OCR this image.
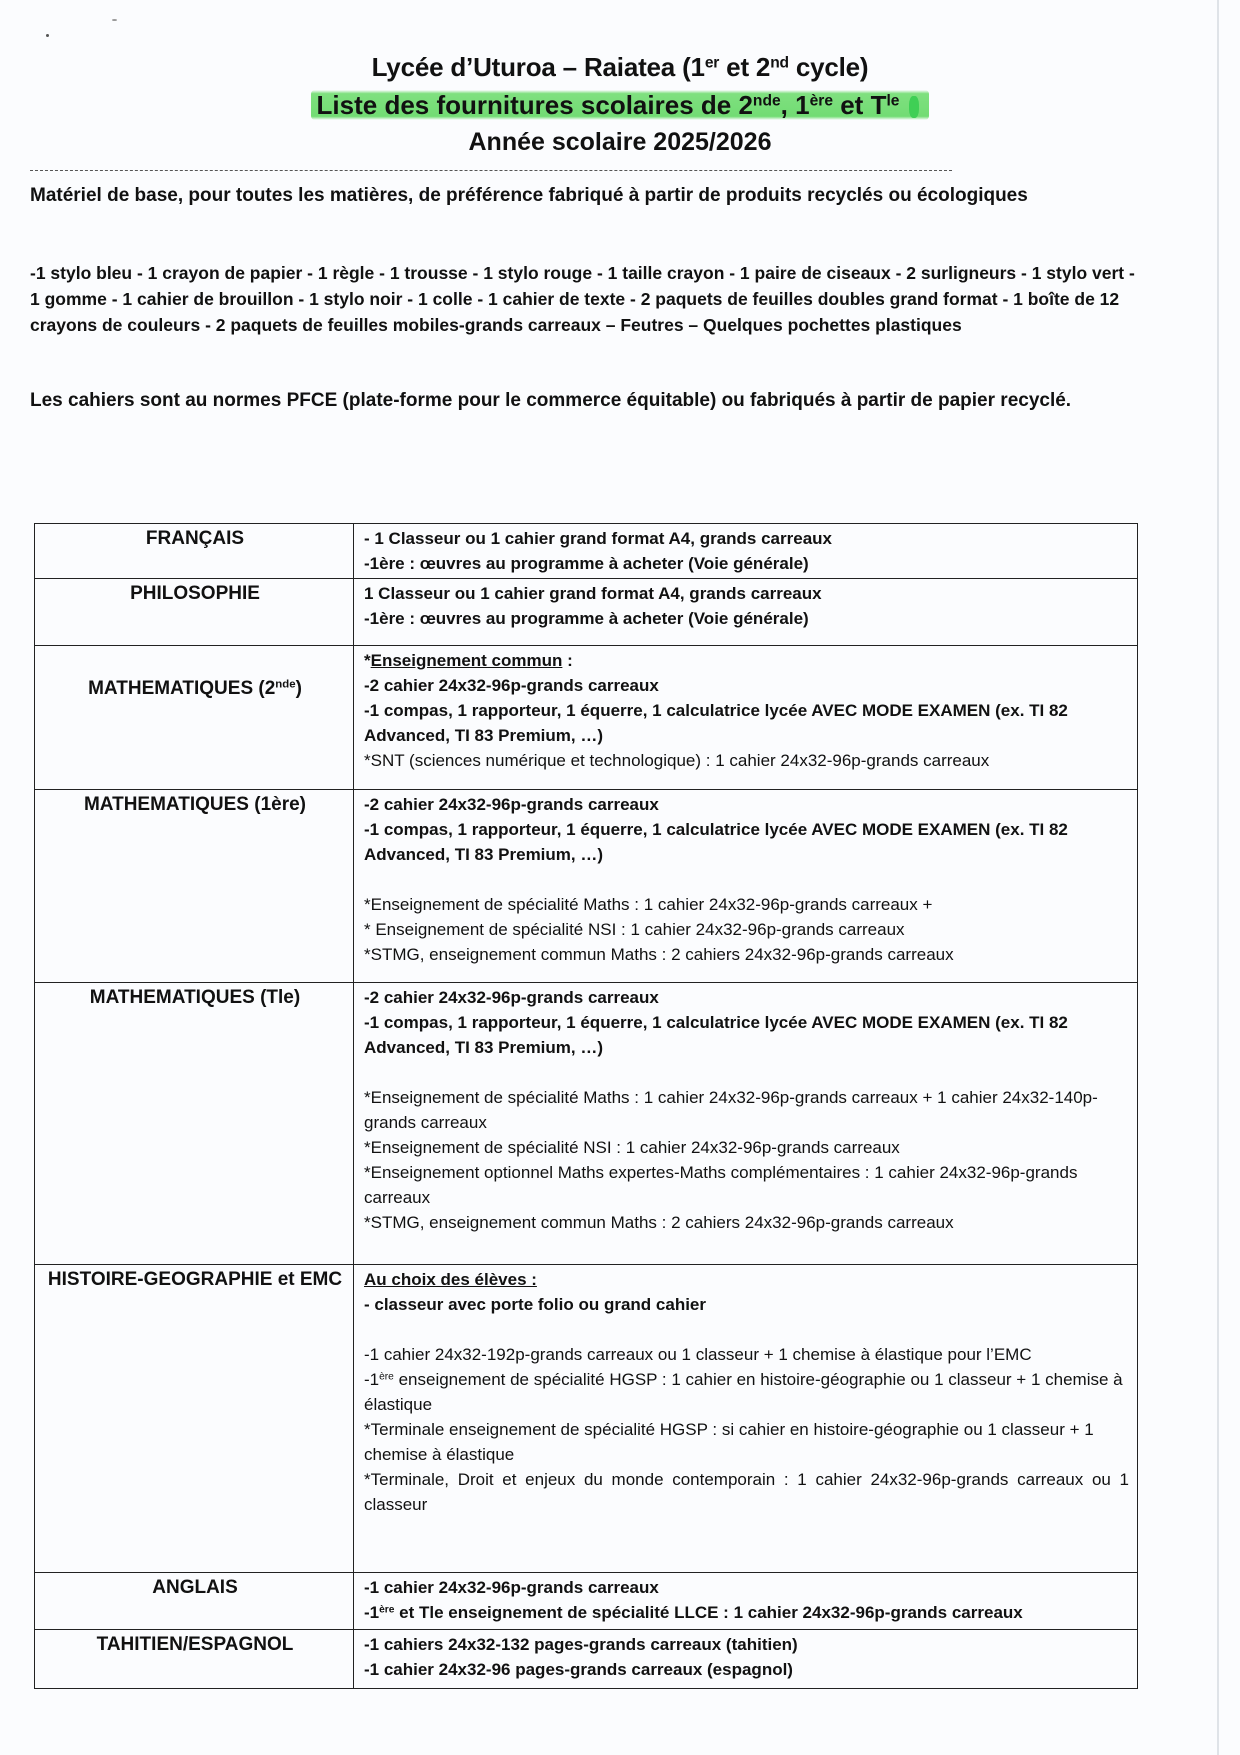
Lycée d’Uturoa – Raiatea (1er et 2nd cycle)
Liste des fournitures scolaires de 2nde, 1ère et $T^{le}$
Année scolaire 2025/2026
Matériel de base, pour toutes les matières, de préférence fabriqué à partir de produits recyclés ou écologiques
-1 stylo bleu - 1 crayon de papier - 1 règle - 1 trousse - 1 stylo rouge - 1 taille crayon - 1 paire de ciseaux - 2 surligneurs - 1 stylo vert - 1 gomme - 1 cahier de brouillon - 1 stylo noir - 1 colle - 1 cahier de texte - 2 paquets de feuilles doubles grand format - 1 boîte de 12 crayons de couleurs - 2 paquets de feuilles mobiles-grands carreaux – Feutres – Quelques pochettes plastiques
Les cahiers sont au normes PFCE (plate-forme pour le commerce équitable) ou fabriqués à partir de papier recyclé.
FRANÇAIS	- 1 Classeur ou 1 cahier grand format A4, grands carreaux
-1ère : œuvres au programme à acheter (Voie générale)

PHILOSOPHIE	1 Classeur ou 1 cahier grand format A4, grands carreaux
-1ère : œuvres au programme à acheter (Voie générale)

MATHEMATIQUES (2nde)	*Enseignement commun :
-2 cahier 24x32-96p-grands carreaux
-1 compas, 1 rapporteur, 1 équerre, 1 calculatrice lycée AVEC MODE EXAMEN (ex. TI 82 Advanced, TI 83 Premium, …)
*SNT (sciences numérique et technologique) : 1 cahier 24x32-96p-grands carreaux

MATHEMATIQUES (1ère)	-2 cahier 24x32-96p-grands carreaux
-1 compas, 1 rapporteur, 1 équerre, 1 calculatrice lycée AVEC MODE EXAMEN (ex. TI 82 Advanced, TI 83 Premium, …)
*Enseignement de spécialité Maths : 1 cahier 24x32-96p-grands carreaux +
* Enseignement de spécialité NSI : 1 cahier 24x32-96p-grands carreaux
*STMG, enseignement commun Maths : 2 cahiers 24x32-96p-grands carreaux

MATHEMATIQUES (Tle)	-2 cahier 24x32-96p-grands carreaux
-1 compas, 1 rapporteur, 1 équerre, 1 calculatrice lycée AVEC MODE EXAMEN (ex. TI 82 Advanced, TI 83 Premium, …)
*Enseignement de spécialité Maths : 1 cahier 24x32-96p-grands carreaux + 1 cahier 24x32-140p-grands carreaux
*Enseignement de spécialité NSI : 1 cahier 24x32-96p-grands carreaux
*Enseignement optionnel Maths expertes-Maths complémentaires : 1 cahier 24x32-96p-grands carreaux
*STMG, enseignement commun Maths : 2 cahiers 24x32-96p-grands carreaux

HISTOIRE-GEOGRAPHIE et EMC	Au choix des élèves :
- classeur avec porte folio ou grand cahier
-1 cahier 24x32-192p-grands carreaux ou 1 classeur + 1 chemise à élastique pour l’EMC
-1ère enseignement de spécialité HGSP : 1 cahier en histoire-géographie ou 1 classeur + 1 chemise à élastique
*Terminale enseignement de spécialité HGSP : si cahier en histoire-géographie ou 1 classeur + 1 chemise à élastique
*Terminale, Droit et enjeux du monde contemporain : 1 cahier 24x32-96p-grands carreaux ou 1 classeur

ANGLAIS	-1 cahier 24x32-96p-grands carreaux
-1ère et Tle enseignement de spécialité LLCE : 1 cahier 24x32-96p-grands carreaux

TAHITIEN/ESPAGNOL	-1 cahiers 24x32-132 pages-grands carreaux (tahitien)
-1 cahier 24x32-96 pages-grands carreaux (espagnol)
